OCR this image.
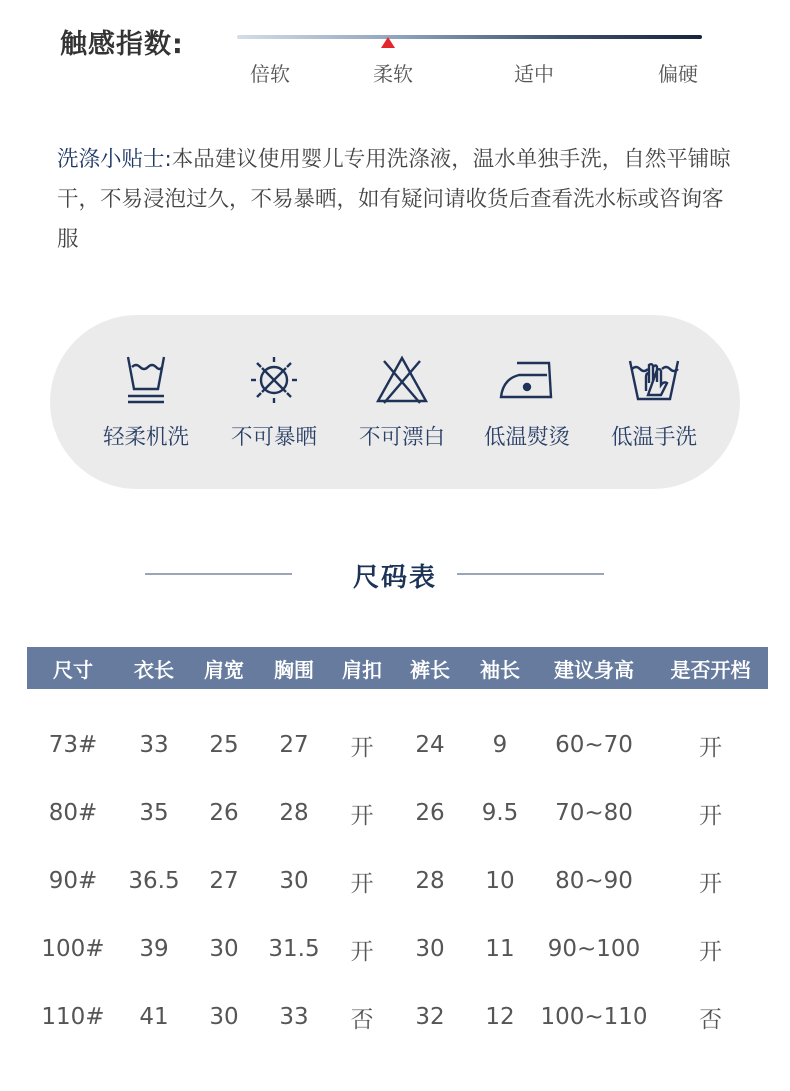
触感指数:
倍软	柔软	适中	偏硬
洗涤小贴士:本品建议使用婴儿专用洗涤液，温水单独手洗，自然平铺晾干，不易浸泡过久，不易暴晒，如有疑问请收货后查看洗水标或咨询客服
轻柔机洗	不可暴晒	不可漂白	低温熨烫	低温手洗
尺码表
尺寸	衣长	肩宽	胸围	肩扣	裤长	袖长	建议身高	是否开档
73#	33	25	27	开	24	9	60~70	开
80#	35	26	28	开	26	9.5	70~80	开
90#	36.5	27	30	开	28	10	80~90	开
100#	39	30	31.5	开	30	11	90~100	开
110#	41	30	33	否	32	12	100~110	否
